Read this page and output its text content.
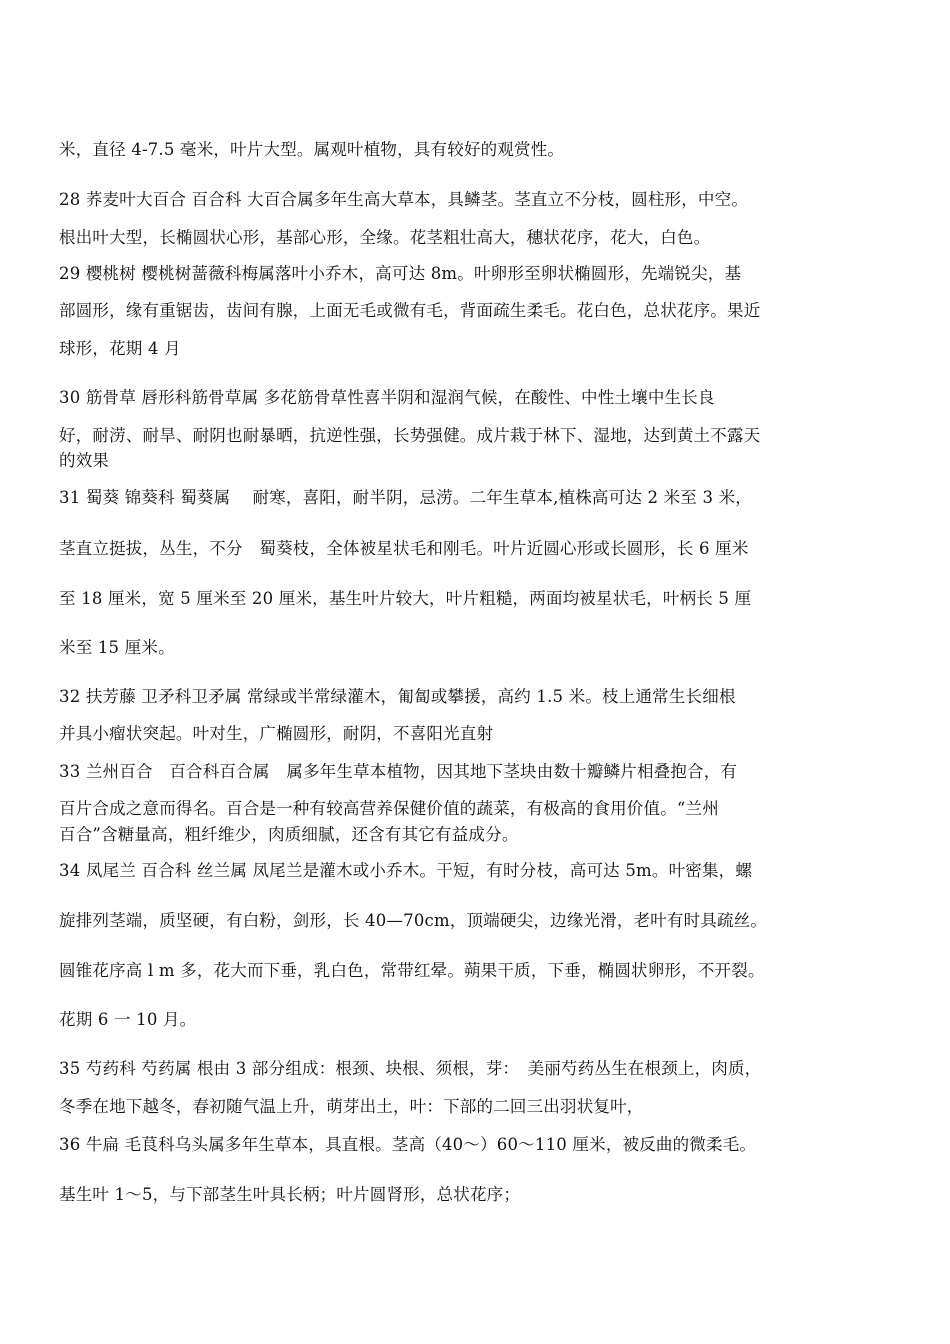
米，直径 4-7.5 毫米，叶片大型。属观叶植物，具有较好的观赏性。
28 荞麦叶大百合 百合科 大百合属多年生高大草本，具鳞茎。茎直立不分枝，圆柱形，中空。
根出叶大型，长椭圆状心形，基部心形，全缘。花茎粗壮高大，穗状花序，花大，白色。
29 樱桃树 樱桃树蔷薇科梅属落叶小乔木，高可达 8m。叶卵形至卵状椭圆形，先端锐尖，基
部圆形，缘有重锯齿，齿间有腺，上面无毛或微有毛，背面疏生柔毛。花白色，总状花序。果近
球形，花期 4 月
30 筋骨草 唇形科筋骨草属 多花筋骨草性喜半阴和湿润气候，在酸性、中性土壤中生长良
好，耐涝、耐旱、耐阴也耐暴晒，抗逆性强，长势强健。成片栽于林下、湿地，达到黄土不露天
的效果
31 蜀葵 锦葵科 蜀葵属　 耐寒，喜阳，耐半阴，忌涝。二年生草本,植株高可达 2 米至 3 米，
茎直立挺拔，丛生，不分　蜀葵枝，全体被星状毛和刚毛。叶片近圆心形或长圆形，长 6 厘米
至 18 厘米，宽 5 厘米至 20 厘米，基生叶片较大，叶片粗糙，两面均被星状毛，叶柄长 5 厘
米至 15 厘米。
32 扶芳藤 卫矛科卫矛属 常绿或半常绿灌木，匍匐或攀援，高约 1.5 米。枝上通常生长细根
并具小瘤状突起。叶对生，广椭圆形，耐阴，不喜阳光直射
33 兰州百合　百合科百合属　属多年生草本植物，因其地下茎块由数十瓣鳞片相叠抱合，有
百片合成之意而得名。百合是一种有较高营养保健价值的蔬菜，有极高的食用价值。“兰州
百合”含糖量高，粗纤维少，肉质细腻，还含有其它有益成分。
34 凤尾兰 百合科 丝兰属 凤尾兰是灌木或小乔木。干短，有时分枝，高可达 5m。叶密集，螺
旋排列茎端，质坚硬，有白粉，剑形，长 40—70cm，顶端硬尖，边缘光滑，老叶有时具疏丝。
圆锥花序高 l m 多，花大而下垂，乳白色，常带红晕。蒴果干质，下垂，椭圆状卵形，不开裂。
花期 6 一 10 月。
35 芍药科 芍药属 根由 3 部分组成：根颈、块根、须根，芽：　美丽芍药丛生在根颈上，肉质，
冬季在地下越冬，春初随气温上升，萌芽出土，叶：下部的二回三出羽状复叶，
36 牛扁 毛茛科乌头属多年生草本，具直根。茎高（40～）60～110 厘米，被反曲的微柔毛。
基生叶 1～5，与下部茎生叶具长柄；叶片圆肾形，总状花序；
